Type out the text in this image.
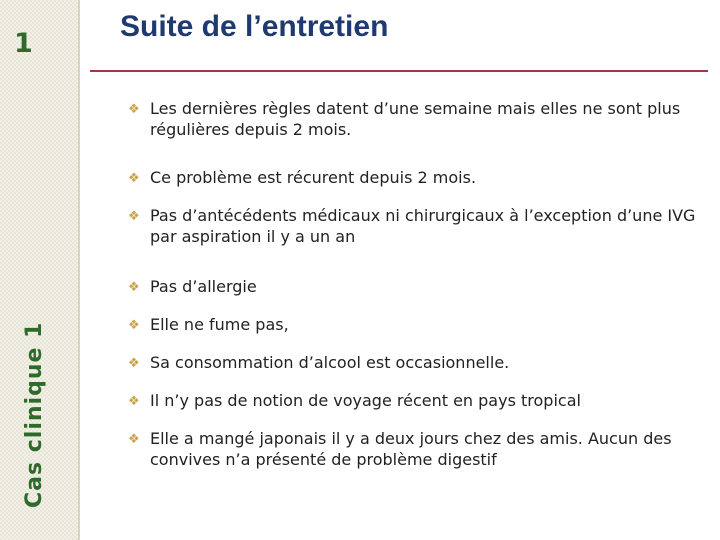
1
Cas clinique 1
Suite de l’entretien
❖ Les dernières règles datent d’une semaine mais elles ne sont plus régulières depuis 2 mois.
❖ Ce problème est récurent depuis 2 mois.
❖ Pas d’antécédents médicaux ni chirurgicaux à l’exception d’une IVG par aspiration il y a un an
❖ Pas d’allergie
❖ Elle ne fume pas,
❖ Sa consommation d’alcool est occasionnelle.
❖ Il n’y pas de notion de voyage récent en pays tropical
❖ Elle a mangé japonais il y a deux jours chez des amis. Aucun des convives n’a présenté de problème digestif
